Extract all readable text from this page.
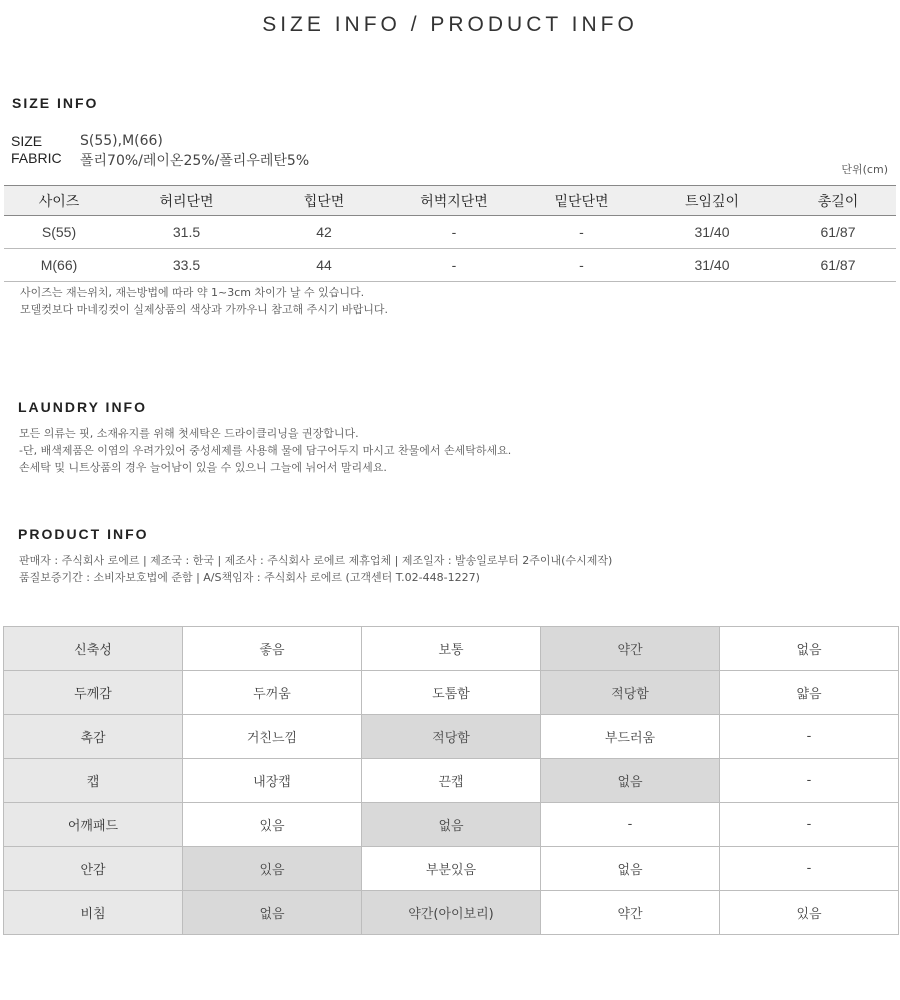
SIZE INFO / PRODUCT INFO
SIZE INFO
SIZE	S(55),M(66)
FABRIC 폴리70%/레이온25%/폴리우레탄5%
단위(cm)
사이즈	허리단면	힙단면	허벅지단면	밑단단면	트임깊이	총길이
S(55)	31.5	42	-	-	31/40	61/87
M(66)	33.5	44	-	-	31/40	61/87
사이즈는 재는위치, 재는방법에 따라 약 1~3cm 차이가 날 수 있습니다.
모델컷보다 마네킹컷이 실제상품의 색상과 가까우니 참고해 주시기 바랍니다.
LAUNDRY INFO
모든 의류는 핏, 소재유지를 위해 첫세탁은 드라이클리닝을 권장합니다.
-단, 배색제품은 이염의 우려가있어 중성세제를 사용해 물에 담구어두지 마시고 찬물에서 손세탁하세요.
손세탁 및 니트상품의 경우 늘어남이 있을 수 있으니 그늘에 뉘어서 말리세요.
PRODUCT INFO
판매자 : 주식회사 로에르 | 제조국 : 한국 | 제조사 : 주식회사 로에르 제휴업체 | 제조일자 : 발송일로부터 2주이내(수시제작)
품질보증기간 : 소비자보호법에 준함 | A/S책임자 : 주식회사 로에르 (고객센터 T.02-448-1227)
신축성	좋음	보통	약간	없음
두께감	두꺼움	도톰함	적당함	얇음
촉감	거친느낌	적당함	부드러움	-
캡	내장캡	끈캡	없음	-
어깨패드	있음	없음	-	-
안감	있음	부분있음	없음	-
비침	없음	약간(아이보리)	약간	있음
